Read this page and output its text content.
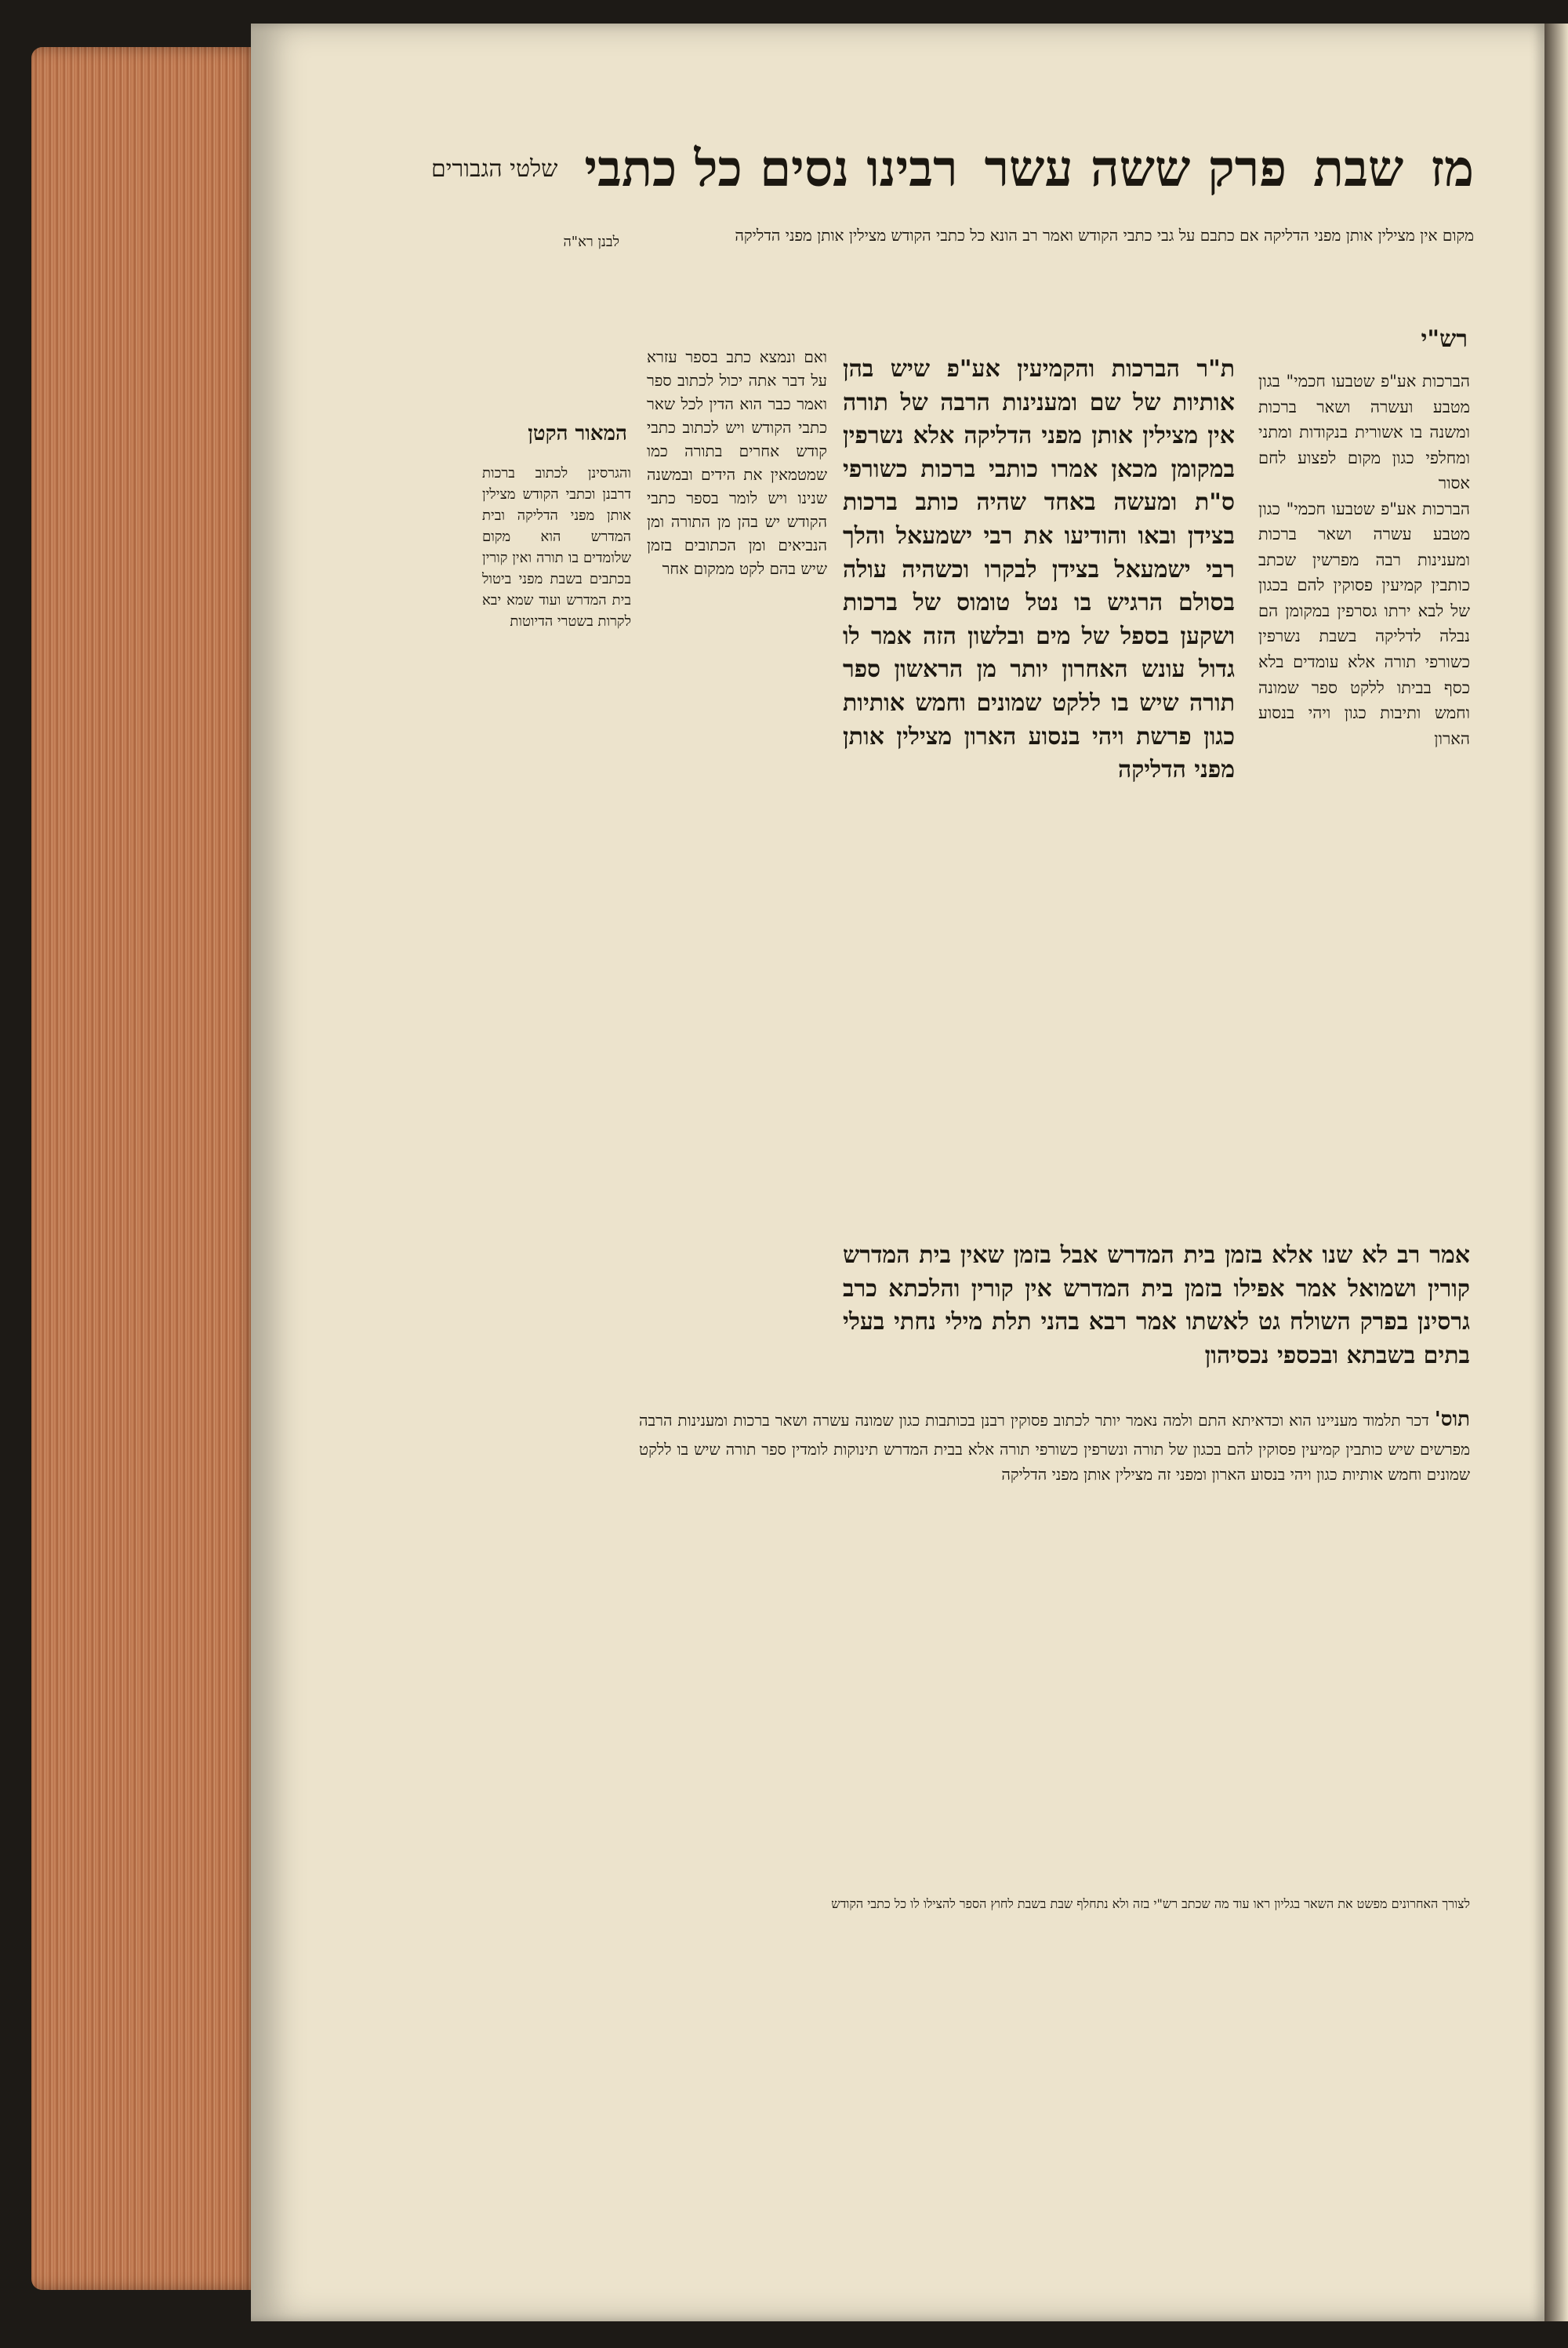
מז
שבת
פרק ששה עשר
רבינו נסים כל כתבי
שלטי הגבורים

מקום אין מצילין אותן מפני הדליקה אם כתבם על גבי כתבי הקודש ואמר רב הונא כל כתבי הקודש מצילין אותן מפני הדליקה

רש"י

הברכות אע"פ שטבעו חכמי" בגון מטבע ועשרה ושאר ברכות ומשנה בו אשורית בנקודות ומתני ומחלפי כגון מקום לפצוע לחם אסור

הברכות אע"פ שטבעו חכמי" כגון מטבע עשרה ושאר ברכות ומענינות רבה מפרשין שכתב כותבין קמיעין פסוקין להם בכגון של לבא ירתו גסרפין במקומן הם נבלה לדליקה בשבת נשרפין כשורפי תורה אלא עומדים בלא כסף בביתו ללקט ספר שמונה וחמש ותיבות כגון ויהי בנסוע הארון

ת"ר הברכות והקמיעין אע"פ שיש בהן אותיות של שם ומענינות הרבה של תורה אין מצילין אותן מפני הדליקה אלא נשרפין במקומן מכאן אמרו כותבי ברכות כשורפי ס"ת ומעשה באחד שהיה כותב ברכות בצידן ובאו והודיעו את רבי ישמעאל והלך רבי ישמעאל בצידן לבקרו וכשהיה עולה בסולם הרגיש בו נטל טומוס של ברכות ושקען בספל של מים ובלשון הזה אמר לו גדול עונש האחרון יותר מן הראשון ספר תורה שיש בו ללקט שמונים וחמש אותיות כגון פרשת ויהי בנסוע הארון מצילין אותן מפני הדליקה

ואם ונמצא כתב בספר עזרא על דבר אתה יכול לכתוב ספר ואמר כבר הוא הדין לכל שאר כתבי הקודש ויש לכתוב כתבי קודש אחרים בתורה כמו שמטמאין את הידים ובמשנה שנינו ויש לומר בספר כתבי הקודש יש בהן מן התורה ומן הנביאים ומן הכתובים בזמן שיש בהם לקט ממקום אחר

לבנן רא"ה
המאור הקטן

והגרסינן לכתוב ברכות דרבנן וכתבי הקודש מצילין אותן מפני הדליקה ובית המדרש הוא מקום שלומדים בו תורה ואין קורין בכתבים בשבת מפני ביטול בית המדרש ועוד שמא יבא לקרות בשטרי הדיוטות

אמר רב לא שנו אלא בזמן בית המדרש אבל בזמן שאין בית המדרש קורין ושמואל אמר אפילו בזמן בית המדרש אין קורין והלכתא כרב גרסינן בפרק השולח גט לאשתו אמר רבא בהני תלת מילי נחתי בעלי בתים בשבתא ובכספי נכסיהון

תוס' דכר תלמוד מעניינו הוא וכדאיתא התם ולמה נאמר יותר לכתוב פסוקין רבנן בכותבות כגון שמונה עשרה ושאר ברכות ומענינות הרבה מפרשים שיש כותבין קמיעין פסוקין להם בכגון של תורה ונשרפין כשורפי תורה אלא בבית המדרש תינוקות לומדין ספר תורה שיש בו ללקט שמונים וחמש אותיות כגון ויהי בנסוע הארון ומפני זה מצילין אותן מפני הדליקה

לצורך האחרונים מפשט את השאר בגליון ראו עוד מה שכתב רש"י בזה ולא נתחלף שבת בשבת לחוץ הספר להצילו לו כל כתבי הקודש
